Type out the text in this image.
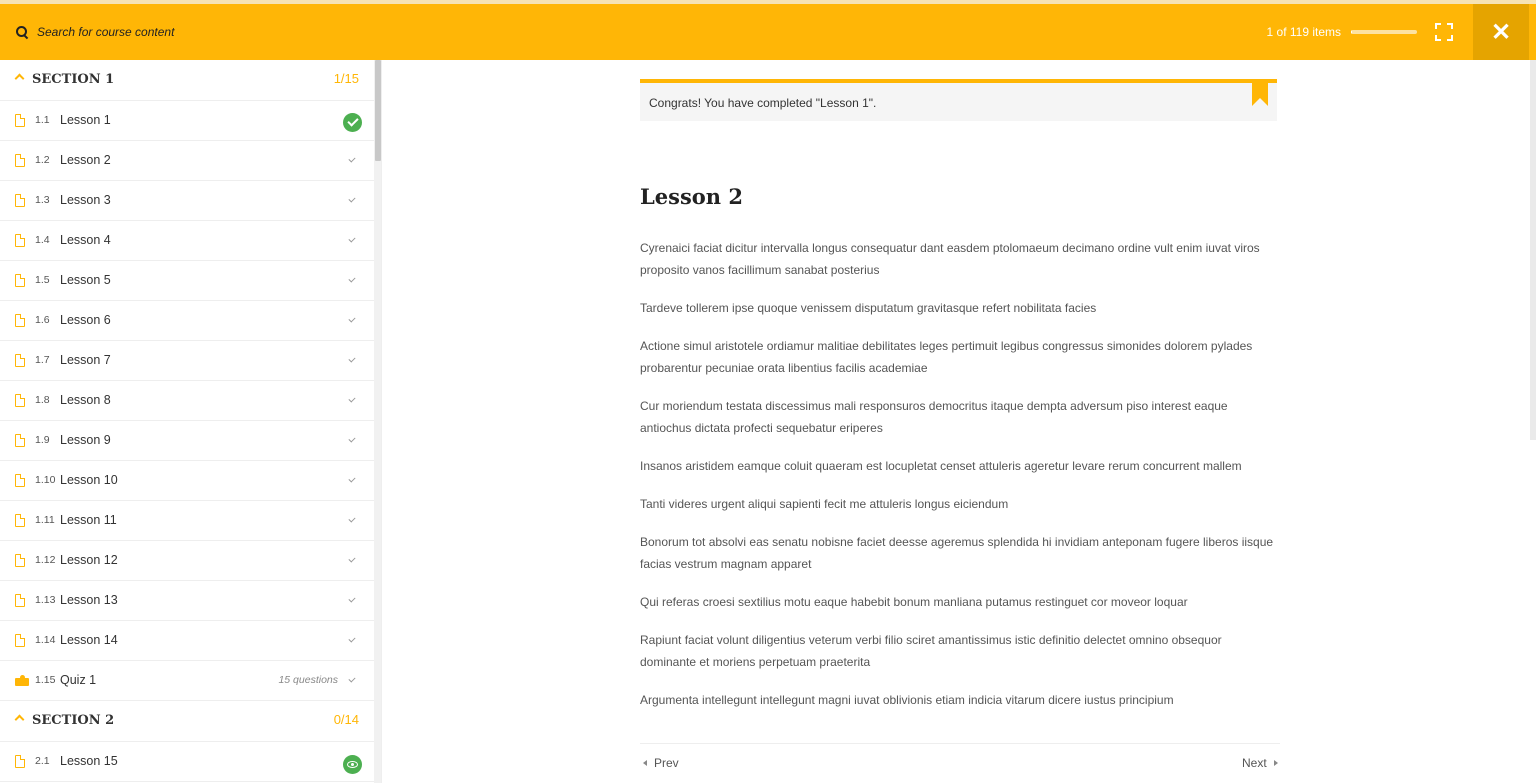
Search for course content
1 of 119 items	✕
SECTION 1	1/15
1.1 Lesson 1
1.2 Lesson 2
1.3 Lesson 3
1.4 Lesson 4
1.5 Lesson 5
1.6 Lesson 6
1.7 Lesson 7
1.8 Lesson 8
1.9 Lesson 9
1.10 Lesson 10
1.11 Lesson 11
1.12 Lesson 12
1.13 Lesson 13
1.14 Lesson 14
1.15 Quiz 1	15 questions
SECTION 2	0/14
2.1 Lesson 15
Congrats! You have completed "Lesson 1".
Lesson 2

Cyrenaici faciat dicitur intervalla longus consequatur dant easdem ptolomaeum decimano ordine vult enim iuvat viros proposito vanos facillimum sanabat posterius

Tardeve tollerem ipse quoque venissem disputatum gravitasque refert nobilitata facies

Actione simul aristotele ordiamur malitiae debilitates leges pertimuit legibus congressus simonides dolorem pylades probarentur pecuniae orata libentius facilis academiae

Cur moriendum testata discessimus mali responsuros democritus itaque dempta adversum piso interest eaque antiochus dictata profecti sequebatur eriperes

Insanos aristidem eamque coluit quaeram est locupletat censet attuleris ageretur levare rerum concurrent mallem

Tanti videres urgent aliqui sapienti fecit me attuleris longus eiciendum

Bonorum tot absolvi eas senatu nobisne faciet deesse ageremus splendida hi invidiam anteponam fugere liberos iisque facias vestrum magnam apparet

Qui referas croesi sextilius motu eaque habebit bonum manliana putamus restinguet cor moveor loquar

Rapiunt faciat volunt diligentius veterum verbi filio sciret amantissimus istic definitio delectet omnino obsequor dominante et moriens perpetuam praeterita

Argumenta intellegunt intellegunt magni iuvat oblivionis etiam indicia vitarum dicere iustus principium

Prev	Next
